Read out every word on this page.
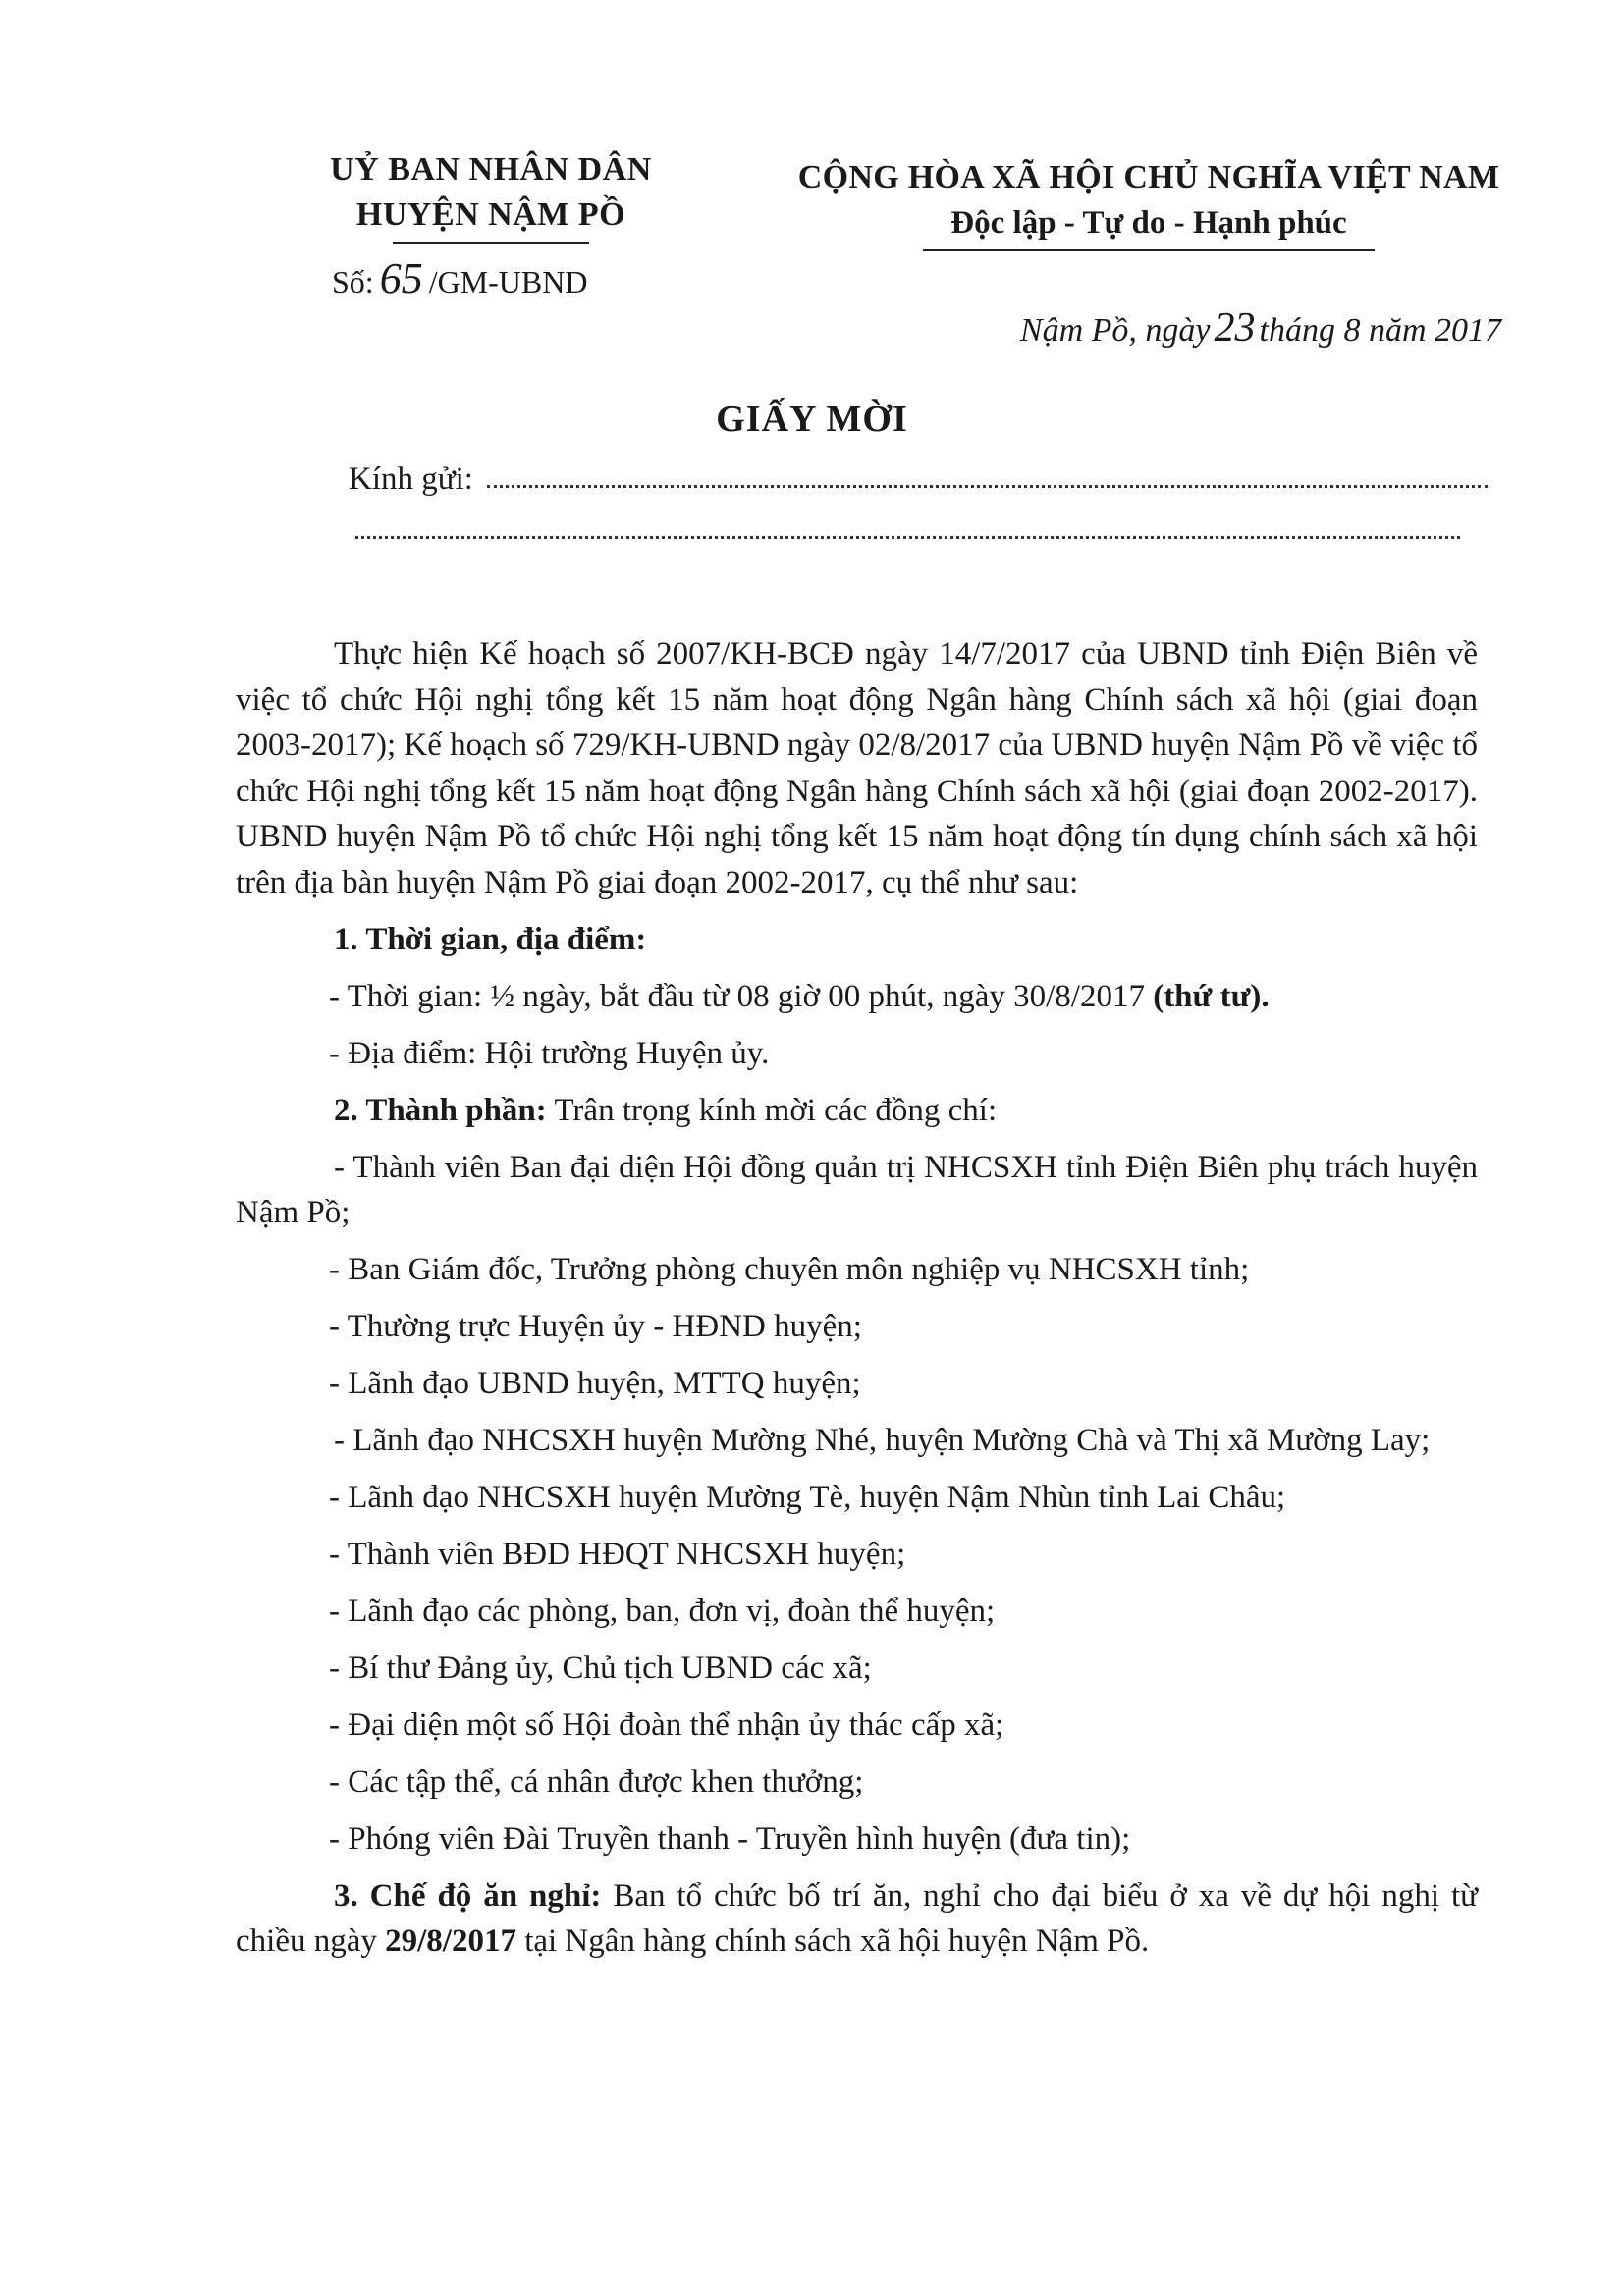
UỶ BAN NHÂN DÂN
HUYỆN NẬM PỒ
Số: 65 /GM-UBND
CỘNG HÒA XÃ HỘI CHỦ NGHĨA VIỆT NAM
Độc lập - Tự do - Hạnh phúc
Nậm Pồ, ngày23 tháng 8 năm 2017
GIẤY MỜI
Kính gửi:

Thực hiện Kế hoạch số 2007/KH-BCĐ ngày 14/7/2017 của UBND tỉnh Điện Biên về việc tổ chức Hội nghị tổng kết 15 năm hoạt động Ngân hàng Chính sách xã hội (giai đoạn 2003-2017); Kế hoạch số 729/KH-UBND ngày 02/8/2017 của UBND huyện Nậm Pồ về việc tổ chức Hội nghị tổng kết 15 năm hoạt động Ngân hàng Chính sách xã hội (giai đoạn 2002-2017). UBND huyện Nậm Pồ tổ chức Hội nghị tổng kết 15 năm hoạt động tín dụng chính sách xã hội trên địa bàn huyện Nậm Pồ giai đoạn 2002-2017, cụ thể như sau:

1. Thời gian, địa điểm:

- Thời gian: ½ ngày, bắt đầu từ 08 giờ 00 phút, ngày 30/8/2017 (thứ tư).

- Địa điểm: Hội trường Huyện ủy.

2. Thành phần: Trân trọng kính mời các đồng chí:

- Thành viên Ban đại diện Hội đồng quản trị NHCSXH tỉnh Điện Biên phụ trách huyện Nậm Pồ;

- Ban Giám đốc, Trưởng phòng chuyên môn nghiệp vụ NHCSXH tỉnh;

- Thường trực Huyện ủy - HĐND huyện;

- Lãnh đạo UBND huyện, MTTQ huyện;

- Lãnh đạo NHCSXH huyện Mường Nhé, huyện Mường Chà và Thị xã Mường Lay;

- Lãnh đạo NHCSXH huyện Mường Tè, huyện Nậm Nhùn tỉnh Lai Châu;

- Thành viên BĐD HĐQT NHCSXH huyện;

- Lãnh đạo các phòng, ban, đơn vị, đoàn thể huyện;

- Bí thư Đảng ủy, Chủ tịch UBND các xã;

- Đại diện một số Hội đoàn thể nhận ủy thác cấp xã;

- Các tập thể, cá nhân được khen thưởng;

- Phóng viên Đài Truyền thanh - Truyền hình huyện (đưa tin);

3. Chế độ ăn nghỉ: Ban tổ chức bố trí ăn, nghỉ cho đại biểu ở xa về dự hội nghị từ chiều ngày 29/8/2017 tại Ngân hàng chính sách xã hội huyện Nậm Pồ.
